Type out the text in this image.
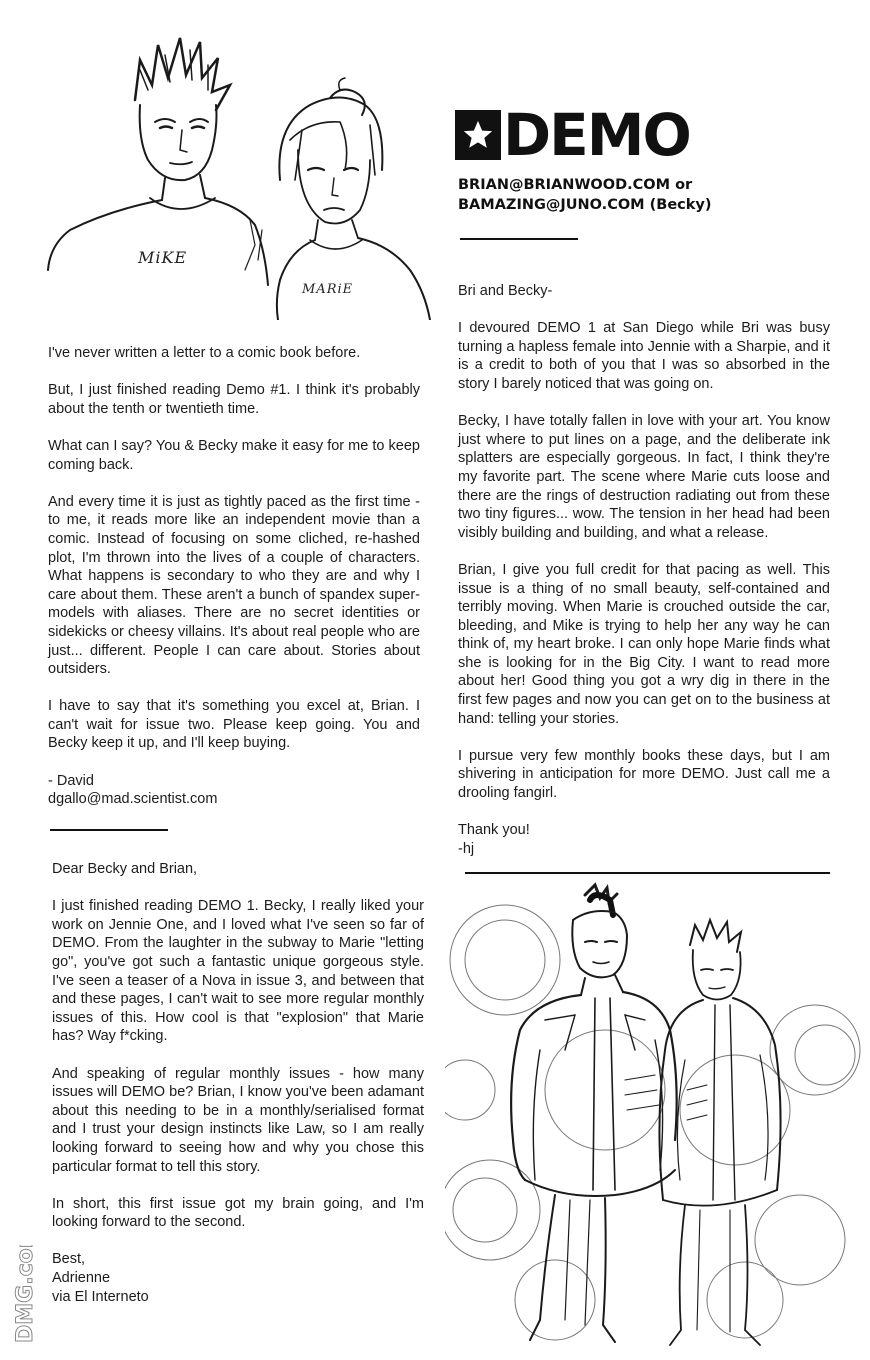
MiKE
MARiE
DEMO
BRIAN@BRIANWOOD.COM or
BAMAZING@JUNO.COM (Becky)

I've never written a letter to a comic book before.

But, I just finished reading Demo #1. I think it's probably about the tenth or twentieth time.

What can I say? You & Becky make it easy for me to keep coming back.

And every time it is just as tightly paced as the first time - to me, it reads more like an independent movie than a comic. Instead of focusing on some cliched, re-hashed plot, I'm thrown into the lives of a couple of characters. What happens is secondary to who they are and why I care about them. These aren't a bunch of spandex super-models with aliases. There are no secret identities or sidekicks or cheesy villains. It's about real people who are just... different. People I can care about. Stories about outsiders.

I have to say that it's something you excel at, Brian. I can't wait for issue two. Please keep going. You and Becky keep it up, and I'll keep buying.

- David

dgallo@mad.scientist.com

Bri and Becky-

I devoured DEMO 1 at San Diego while Bri was busy turning a hapless female into Jennie with a Sharpie, and it is a credit to both of you that I was so absorbed in the story I barely noticed that was going on.

Becky, I have totally fallen in love with your art. You know just where to put lines on a page, and the deliberate ink splatters are especially gorgeous. In fact, I think they're my favorite part. The scene where Marie cuts loose and there are the rings of destruction radiating out from these two tiny figures... wow. The tension in her head had been visibly building and building, and what a release.

Brian, I give you full credit for that pacing as well. This issue is a thing of no small beauty, self-contained and terribly moving. When Marie is crouched outside the car, bleeding, and Mike is trying to help her any way he can think of, my heart broke. I can only hope Marie finds what she is looking for in the Big City. I want to read more about her! Good thing you got a wry dig in there in the first few pages and now you can get on to the business at hand: telling your stories.

I pursue very few monthly books these days, but I am shivering in anticipation for more DEMO. Just call me a drooling fangirl.

Thank you!

-hj

Dear Becky and Brian,

I just finished reading DEMO 1. Becky, I really liked your work on Jennie One, and I loved what I've seen so far of DEMO. From the laughter in the subway to Marie "letting go", you've got such a fantastic unique gorgeous style. I've seen a teaser of a Nova in issue 3, and between that and these pages, I can't wait to see more regular monthly issues of this. How cool is that "explosion" that Marie has? Way f*cking.

And speaking of regular monthly issues - how many issues will DEMO be? Brian, I know you've been adamant about this needing to be in a monthly/serialised format and I trust your design instincts like Law, so I am really looking forward to seeing how and why you chose this particular format to tell this story.

In short, this first issue got my brain going, and I'm looking forward to the second.

Best,

Adrienne

via El Interneto

DMG.com
